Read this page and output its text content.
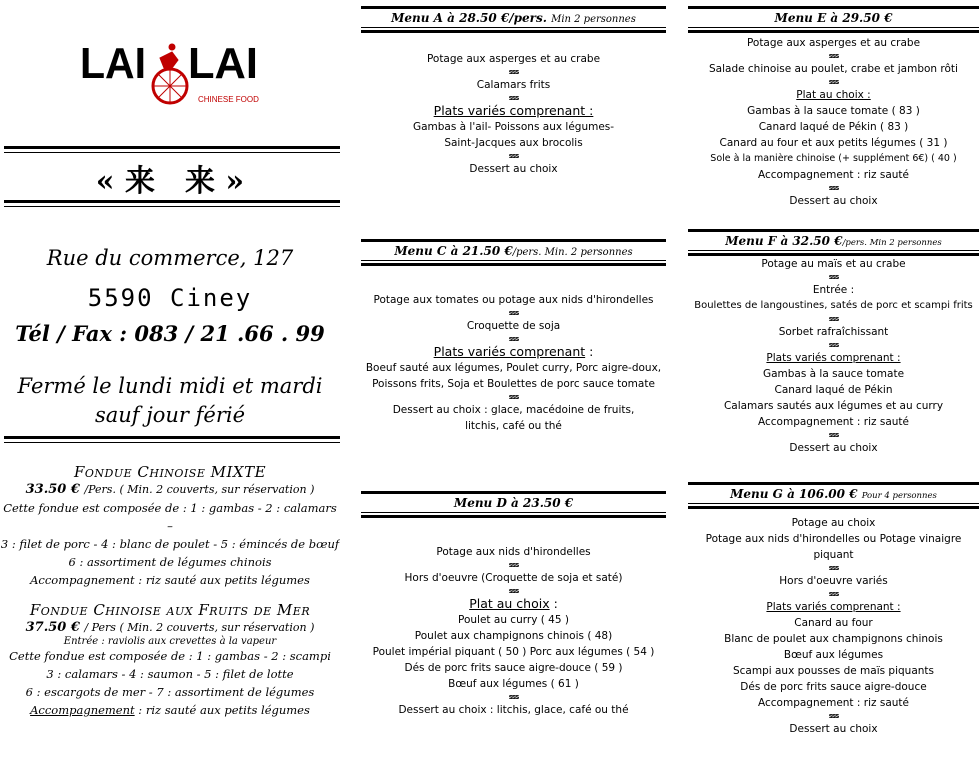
LAI LAI
CHINESE FOOD
« 来　来 »
Rue du commerce, 127
5590 Ciney
Tél / Fax : 083 / 21 .66 . 99
Fermé le lundi midi et mardi
sauf jour férié
Fondue Chinoise MIXTE
33.50 € /Pers. ( Min. 2 couverts, sur réservation )
Cette fondue est composée de : 1 : gambas - 2 : calamars –
3 : filet de porc - 4 : blanc de poulet - 5 : émincés de bœuf
6 : assortiment de légumes chinois
Accompagnement : riz sauté aux petits légumes
Fondue Chinoise aux Fruits de Mer
37.50 € / Pers ( Min. 2 couverts, sur réservation )
Entrée : raviolis aux crevettes à la vapeur
Cette fondue est composée de : 1 : gambas - 2 : scampi
3 : calamars - 4 : saumon - 5 : filet de lotte
6 : escargots de mer - 7 : assortiment de légumes
Accompagnement : riz sauté aux petits légumes
Menu A à 28.50 €/pers. Min 2 personnes
Potage aux asperges et au crabe
ꜱꜱꜱ
Calamars frits
ꜱꜱꜱ
Plats variés comprenant :
Gambas à l'ail- Poissons aux légumes-
Saint-Jacques aux brocolis
ꜱꜱꜱ
Dessert au choix
Menu C à 21.50 €/pers. Min. 2 personnes
Potage aux tomates ou potage aux nids d'hirondelles
ꜱꜱꜱ
Croquette de soja
ꜱꜱꜱ
Plats variés comprenant :
Boeuf sauté aux légumes, Poulet curry, Porc aigre-doux,
Poissons frits, Soja et Boulettes de porc sauce tomate
ꜱꜱꜱ
Dessert au choix : glace, macédoine de fruits,
litchis, café ou thé
Menu D à 23.50 €
Potage aux nids d'hirondelles
ꜱꜱꜱ
Hors d'oeuvre (Croquette de soja et saté)
ꜱꜱꜱ
Plat au choix :
Poulet au curry ( 45 )
Poulet aux champignons chinois ( 48)
Poulet impérial piquant ( 50 ) Porc aux légumes ( 54 )
Dés de porc frits sauce aigre-douce ( 59 )
Bœuf aux légumes ( 61 )
ꜱꜱꜱ
Dessert au choix : litchis, glace, café ou thé
Menu E à 29.50 €
Potage aux asperges et au crabe
ꜱꜱꜱ
Salade chinoise au poulet, crabe et jambon rôti
ꜱꜱꜱ
Plat au choix :
Gambas à la sauce tomate ( 83 )
Canard laqué de Pékin ( 83 )
Canard au four et aux petits légumes ( 31 )
Sole à la manière chinoise (+ supplément 6€) ( 40 )
Accompagnement : riz sauté
ꜱꜱꜱ
Dessert au choix
Menu F à 32.50 €/pers. Min 2 personnes
Potage au maïs et au crabe
ꜱꜱꜱ
Entrée :
Boulettes de langoustines, satés de porc et scampi frits
ꜱꜱꜱ
Sorbet rafraîchissant
ꜱꜱꜱ
Plats variés comprenant :
Gambas à la sauce tomate
Canard laqué de Pékin
Calamars sautés aux légumes et au curry
Accompagnement : riz sauté
ꜱꜱꜱ
Dessert au choix
Menu G à 106.00 € Pour 4 personnes
Potage au choix
Potage aux nids d'hirondelles ou Potage vinaigre
piquant
ꜱꜱꜱ
Hors d'oeuvre variés
ꜱꜱꜱ
Plats variés comprenant :
Canard au four
Blanc de poulet aux champignons chinois
Bœuf aux légumes
Scampi aux pousses de maïs piquants
Dés de porc frits sauce aigre-douce
Accompagnement : riz sauté
ꜱꜱꜱ
Dessert au choix
